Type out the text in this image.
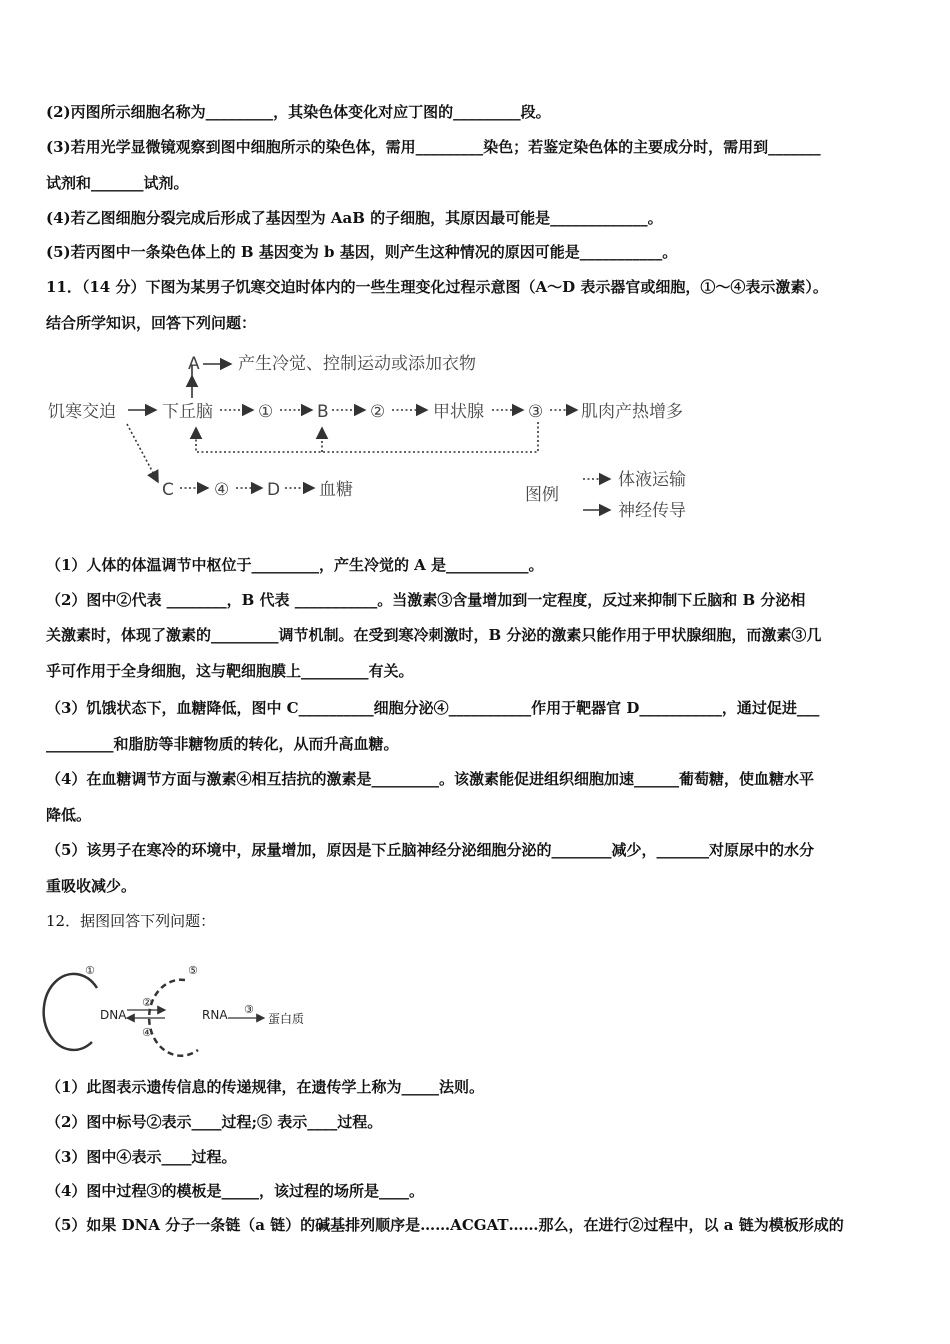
(2)丙图所示细胞名称为_________，其染色体变化对应丁图的_________段。
(3)若用光学显微镜观察到图中细胞所示的染色体，需用_________染色；若鉴定染色体的主要成分时，需用到_______
试剂和_______试剂。
(4)若乙图细胞分裂完成后形成了基因型为 AaB 的子细胞，其原因最可能是_____________。
(5)若丙图中一条染色体上的 B 基因变为 b 基因，则产生这种情况的原因可能是___________。
11．（14 分）下图为某男子饥寒交迫时体内的一些生理变化过程示意图（A～D 表示器官或细胞，①～④表示激素）。
结合所学知识，回答下列问题：
饥寒交迫	下丘脑
A 产生冷觉、控制运动或添加衣物
①	B ②	甲状腺	③ 肌肉产热增多
C ④ D 血糖	图例
体液运输
神经传导
（1）人体的体温调节中枢位于_________，产生冷觉的 A 是___________。
（2）图中②代表 ________，B 代表 ___________。当激素③含量增加到一定程度，反过来抑制下丘脑和 B 分泌相
关激素时，体现了激素的_________调节机制。在受到寒冷刺激时，B 分泌的激素只能作用于甲状腺细胞，而激素③几
乎可作用于全身细胞，这与靶细胞膜上_________有关。
（3）饥饿状态下，血糖降低，图中 C__________细胞分泌④___________作用于靶器官 D___________，通过促进___
_________和脂肪等非糖物质的转化，从而升高血糖。
（4）在血糖调节方面与激素④相互拮抗的激素是_________。该激素能促进组织细胞加速______葡萄糖，使血糖水平
降低。
（5）该男子在寒冷的环境中，尿量增加，原因是下丘脑神经分泌细胞分泌的________减少，_______对原尿中的水分
重吸收减少。
12．据图回答下列问题：
①
②
④
⑤
③
DNA	RNA	蛋白质
（1）此图表示遗传信息的传递规律，在遗传学上称为_____法则。
（2）图中标号②表示____过程;⑤ 表示____过程。
（3）图中④表示____过程。
（4）图中过程③的模板是_____，该过程的场所是____。
（5）如果 DNA 分子一条链（a 链）的碱基排列顺序是……ACGAT……那么，在进行②过程中，以 a 链为模板形成的
